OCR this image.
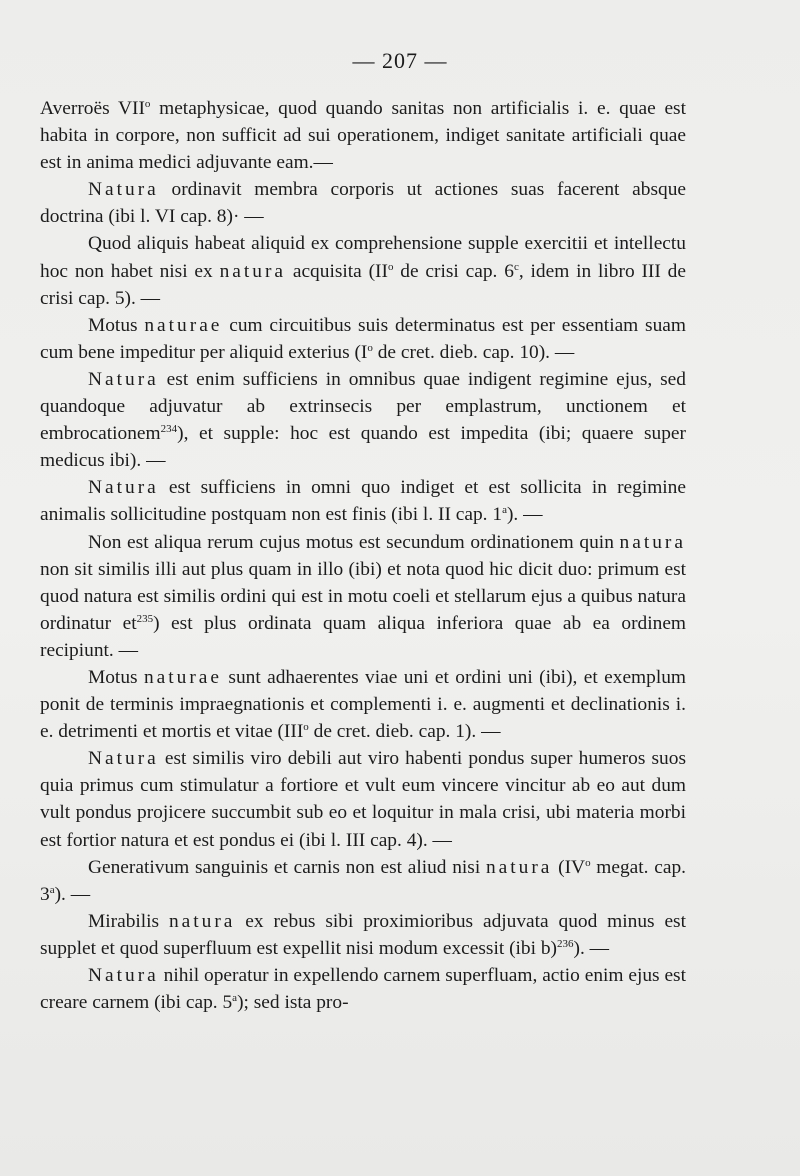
— 207 —

Averroës VII$^o$ metaphysicae, quod quando sanitas non artificialis i. e. quae est habita in corpore, non sufficit ad sui operationem, indiget sanitate artificiali quae est in anima medici adjuvante eam.—

Natura ordinavit membra corporis ut actiones suas facerent absque doctrina (ibi l. VI cap. 8)· —

Quod aliquis habeat aliquid ex comprehensione supple exercitii et intellectu hoc non habet nisi ex natura acquisita ($II^o$ de crisi cap. 6$^c$, idem in libro III de crisi cap. 5). —

Motus naturae cum circuitibus suis determinatus est per essentiam suam cum bene impeditur per aliquid exterius ($I^o$ de cret. dieb. cap. 10). —

Natura est enim sufficiens in omnibus quae indigent regimine ejus, sed quandoque adjuvatur ab extrinsecis per emplastrum, unctionem et embrocationem$^{234}$), et supple: hoc est quando est impedita (ibi; quaere super medicus ibi). —

Natura est sufficiens in omni quo indiget et est sollicita in regimine animalis sollicitudine postquam non est finis (ibi l. II cap. 1$^a$). —

Non est aliqua rerum cujus motus est secundum ordinationem quin natura non sit similis illi aut plus quam in illo (ibi) et nota quod hic dicit duo: primum est quod natura est similis ordini qui est in motu coeli et stellarum ejus a quibus natura ordinatur $et^{235}$) est plus ordinata quam aliqua inferiora quae ab ea ordinem recipiunt. —

Motus naturae sunt adhaerentes viae uni et ordini uni (ibi), et exemplum ponit de terminis impraegnationis et complementi i. e. augmenti et declinationis i. e. detrimenti et mortis et vitae (III$^o$ de cret. dieb. cap. 1). —

Natura est similis viro debili aut viro habenti pondus super humeros suos quia primus cum stimulatur a fortiore et vult eum vincere vincitur ab eo aut dum vult pondus projicere succumbit sub eo et loquitur in mala crisi, ubi materia morbi est fortior natura et est pondus ei (ibi l. III cap. 4). —

Generativum sanguinis et carnis non est aliud nisi natura ($IV^o$ megat. cap. 3$^a$). —

Mirabilis natura ex rebus sibi proximioribus adjuvata quod minus est supplet et quod superfluum est expellit nisi modum excessit (ibi b)$^{236}$). —

Natura nihil operatur in expellendo carnem superfluam, actio enim ejus est creare carnem (ibi cap. 5$^a$); sed ista pro-
